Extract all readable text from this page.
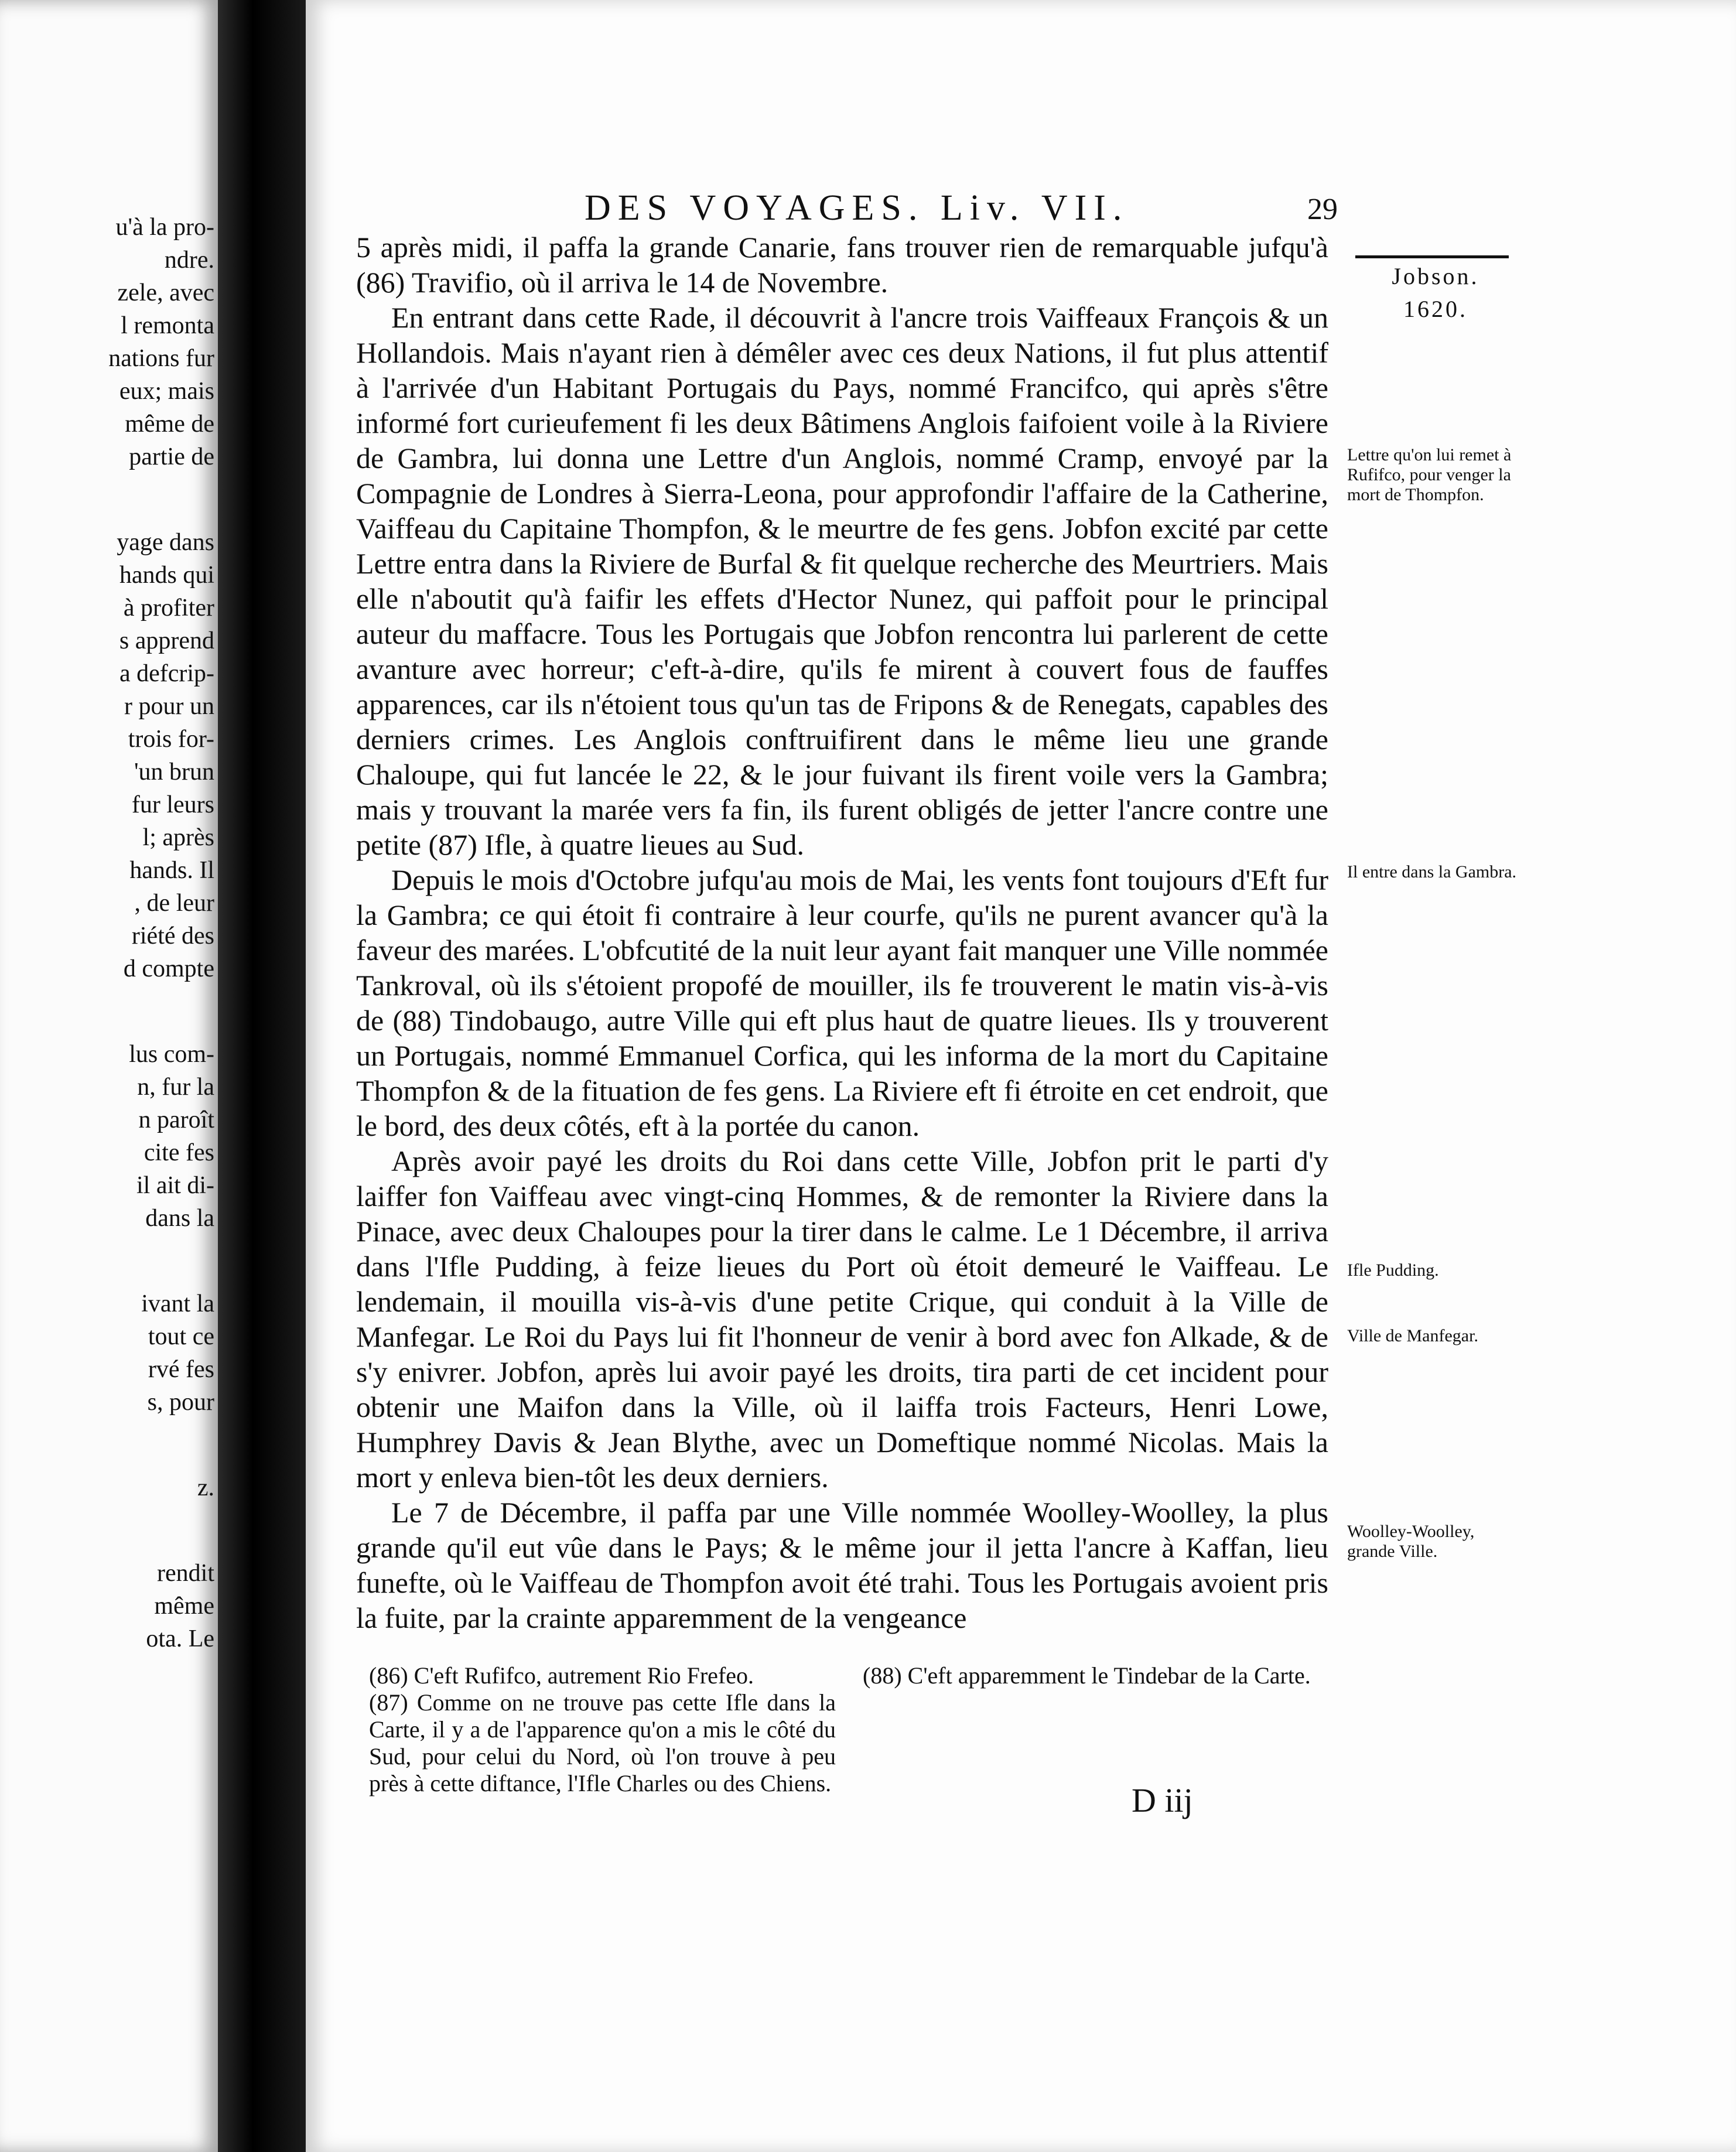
u'à la pro-
ndre.
zele, avec
l remonta
nations fur
eux; mais
même de
partie de
yage dans
hands qui
à profiter
s apprend
a defcrip-
r pour un
trois for-
'un brun
fur leurs
l; après
hands. Il
, de leur
riété des
d compte
lus com-
n, fur la
n paroît
cite fes
il ait di-
dans la
ivant la
tout ce
rvé fes
s, pour
z.
rendit
même
ota. Le
DES VOYAGES. Liv. VII.	29
Jobson.
1620.

5 après midi, il paffa la grande Canarie, fans trouver rien de remarquable jufqu'à (86) Travifio, où il arriva le 14 de Novembre.

En entrant dans cette Rade, il découvrit à l'ancre trois Vaiffeaux François & un Hollandois. Mais n'ayant rien à démêler avec ces deux Nations, il fut plus attentif à l'arrivée d'un Habitant Portugais du Pays, nommé Francifco, qui après s'être informé fort curieufement fi les deux Bâtimens Anglois faifoient voile à la Riviere de Gambra, lui donna une Lettre d'un Anglois, nommé Cramp, envoyé par la Compagnie de Londres à Sierra-Leona, pour approfondir l'affaire de la Catherine, Vaiffeau du Capitaine Thompfon, & le meurtre de fes gens. Jobfon excité par cette Lettre entra dans la Riviere de Burfal & fit quelque recherche des Meurtriers. Mais elle n'aboutit qu'à faifir les effets d'Hector Nunez, qui paffoit pour le principal auteur du maffacre. Tous les Portugais que Jobfon rencontra lui parlerent de cette avanture avec horreur; c'eft-à-dire, qu'ils fe mirent à couvert fous de fauffes apparences, car ils n'étoient tous qu'un tas de Fripons & de Renegats, capables des derniers crimes. Les Anglois conftruifirent dans le même lieu une grande Chaloupe, qui fut lancée le 22, & le jour fuivant ils firent voile vers la Gambra; mais y trouvant la marée vers fa fin, ils furent obligés de jetter l'ancre contre une petite (87) Ifle, à quatre lieues au Sud.

Depuis le mois d'Octobre jufqu'au mois de Mai, les vents font toujours d'Eft fur la Gambra; ce qui étoit fi contraire à leur courfe, qu'ils ne purent avancer qu'à la faveur des marées. L'obfcutité de la nuit leur ayant fait manquer une Ville nommée Tankroval, où ils s'étoient propofé de mouiller, ils fe trouverent le matin vis-à-vis de (88) Tindobaugo, autre Ville qui eft plus haut de quatre lieues. Ils y trouverent un Portugais, nommé Emmanuel Corfica, qui les informa de la mort du Capitaine Thompfon & de la fituation de fes gens. La Riviere eft fi étroite en cet endroit, que le bord, des deux côtés, eft à la portée du canon.

Après avoir payé les droits du Roi dans cette Ville, Jobfon prit le parti d'y laiffer fon Vaiffeau avec vingt-cinq Hommes, & de remonter la Riviere dans la Pinace, avec deux Chaloupes pour la tirer dans le calme. Le 1 Décembre, il arriva dans l'Ifle Pudding, à feize lieues du Port où étoit demeuré le Vaiffeau. Le lendemain, il mouilla vis-à-vis d'une petite Crique, qui conduit à la Ville de Manfegar. Le Roi du Pays lui fit l'honneur de venir à bord avec fon Alkade, & de s'y enivrer. Jobfon, après lui avoir payé les droits, tira parti de cet incident pour obtenir une Maifon dans la Ville, où il laiffa trois Facteurs, Henri Lowe, Humphrey Davis & Jean Blythe, avec un Domeftique nommé Nicolas. Mais la mort y enleva bien-tôt les deux derniers.

Le 7 de Décembre, il paffa par une Ville nommée Woolley-Woolley, la plus grande qu'il eut vûe dans le Pays; & le même jour il jetta l'ancre à Kaffan, lieu funefte, où le Vaiffeau de Thompfon avoit été trahi. Tous les Portugais avoient pris la fuite, par la crainte apparemment de la vengeance

Lettre qu'on lui remet à Rufifco, pour venger la mort de Thompfon.
Il entre dans la Gambra.
Ifle Pudding.
Ville de Manfegar.
Woolley-Woolley, grande Ville.

(86) C'eft Rufifco, autrement Rio Frefeo.

(87) Comme on ne trouve pas cette Ifle dans la Carte, il y a de l'apparence qu'on a mis le côté du Sud, pour celui du Nord, où l'on trouve à peu près à cette diftance, l'Ifle Charles ou des Chiens.

(88) C'eft apparemment le Tindebar de la Carte.

D iij
